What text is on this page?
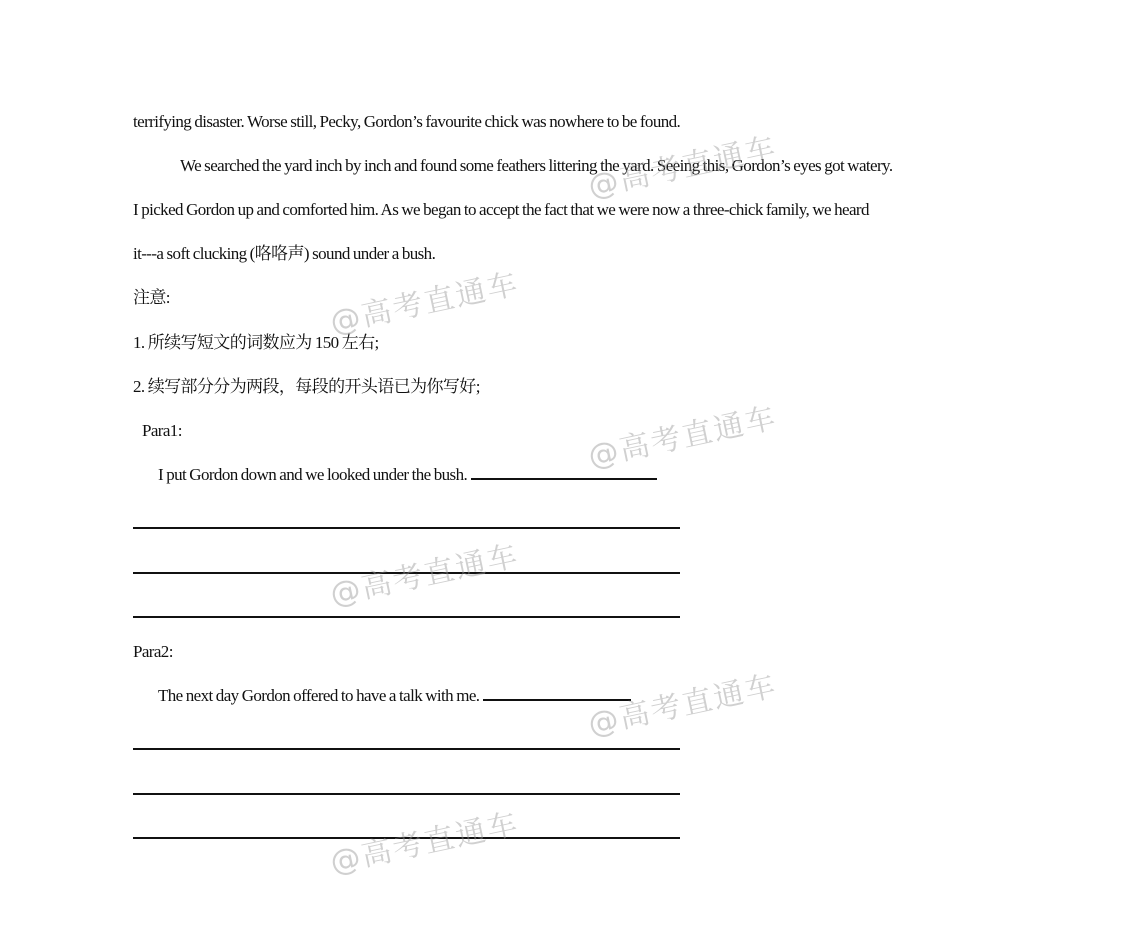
terrifying disaster. Worse still, Pecky, Gordon’s favourite chick was nowhere to be found.
We searched the yard inch by inch and found some feathers littering the yard. Seeing this, Gordon’s eyes got watery.
I picked Gordon up and comforted him. As we began to accept the fact that we were now a three-chick family, we heard
it---a soft clucking (咯咯声) sound under a bush.
注意:
1. 所续写短文的词数应为 150 左右;
2. 续写部分分为两段，每段的开头语已为你写好;
Para1:
I put Gordon down and we looked under the bush.
Para2:
The next day Gordon offered to have a talk with me.
@高考直通车
@高考直通车
@高考直通车
@高考直通车
@高考直通车
@高考直通车
